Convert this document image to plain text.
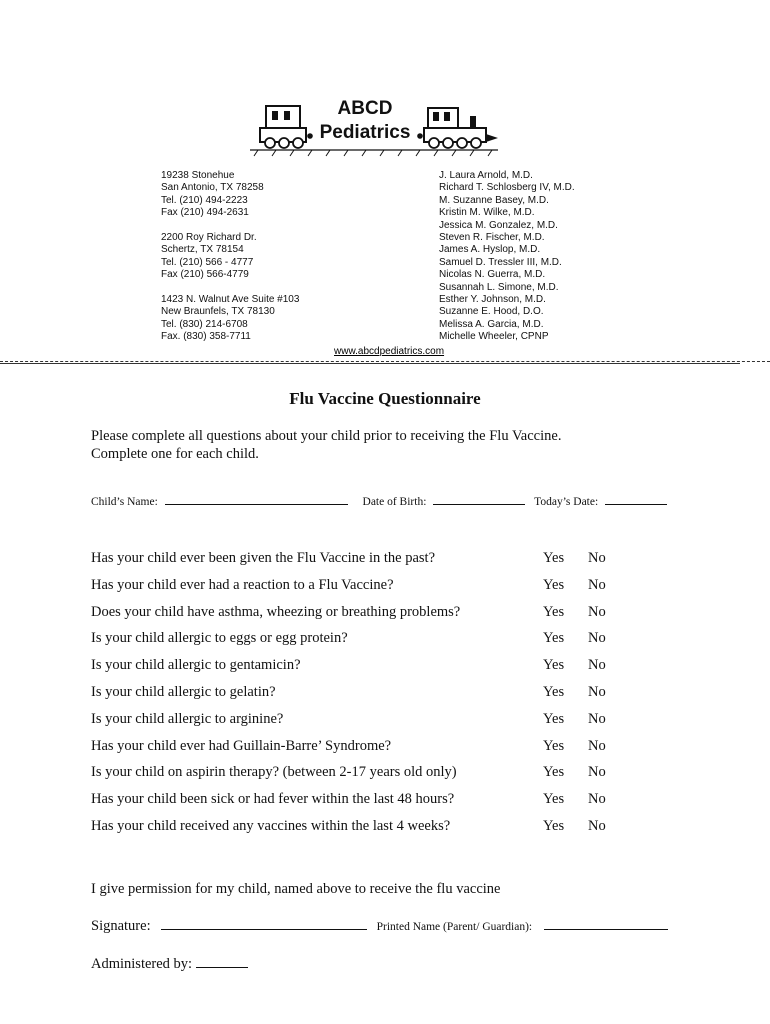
ABCD
Pediatrics
19238 Stonehue
San Antonio, TX 78258
Tel. (210) 494-2223
Fax (210) 494-2631
2200 Roy Richard Dr.
Schertz, TX 78154
Tel. (210) 566 - 4777
Fax (210) 566-4779
1423 N. Walnut Ave Suite #103
New Braunfels, TX 78130
Tel. (830) 214-6708
Fax. (830) 358-7711
J. Laura Arnold, M.D.
Richard T. Schlosberg IV, M.D.
M. Suzanne Basey, M.D.
Kristin M. Wilke, M.D.
Jessica M. Gonzalez, M.D.
Steven R. Fischer, M.D.
James A. Hyslop, M.D.
Samuel D. Tressler III, M.D.
Nicolas N. Guerra, M.D.
Susannah L. Simone, M.D.
Esther Y. Johnson, M.D.
Suzanne E. Hood, D.O.
Melissa A. Garcia, M.D.
Michelle Wheeler, CPNP
www.abcdpediatrics.com
Flu Vaccine Questionnaire
Please complete all questions about your child prior to receiving the Flu Vaccine.
Complete one for each child.
Child’s Name:	Date of Birth:	Today’s Date:
Has your child ever been given the Flu Vaccine in the past?	Yes No
Has your child ever had a reaction to a Flu Vaccine?	Yes No
Does your child have asthma, wheezing or breathing problems?	Yes No
Is your child allergic to eggs or egg protein?	Yes No
Is your child allergic to gentamicin?	Yes No
Is your child allergic to gelatin?	Yes No
Is your child allergic to arginine?	Yes No
Has your child ever had Guillain-Barre’ Syndrome?	Yes No
Is your child on aspirin therapy? (between 2-17 years old only)	Yes No
Has your child been sick or had fever within the last 48 hours?	Yes No
Has your child received any vaccines within the last 4 weeks?	Yes No
I give permission for my child, named above to receive the flu vaccine
Signature:	Printed Name (Parent/ Guardian):
Administered by:
